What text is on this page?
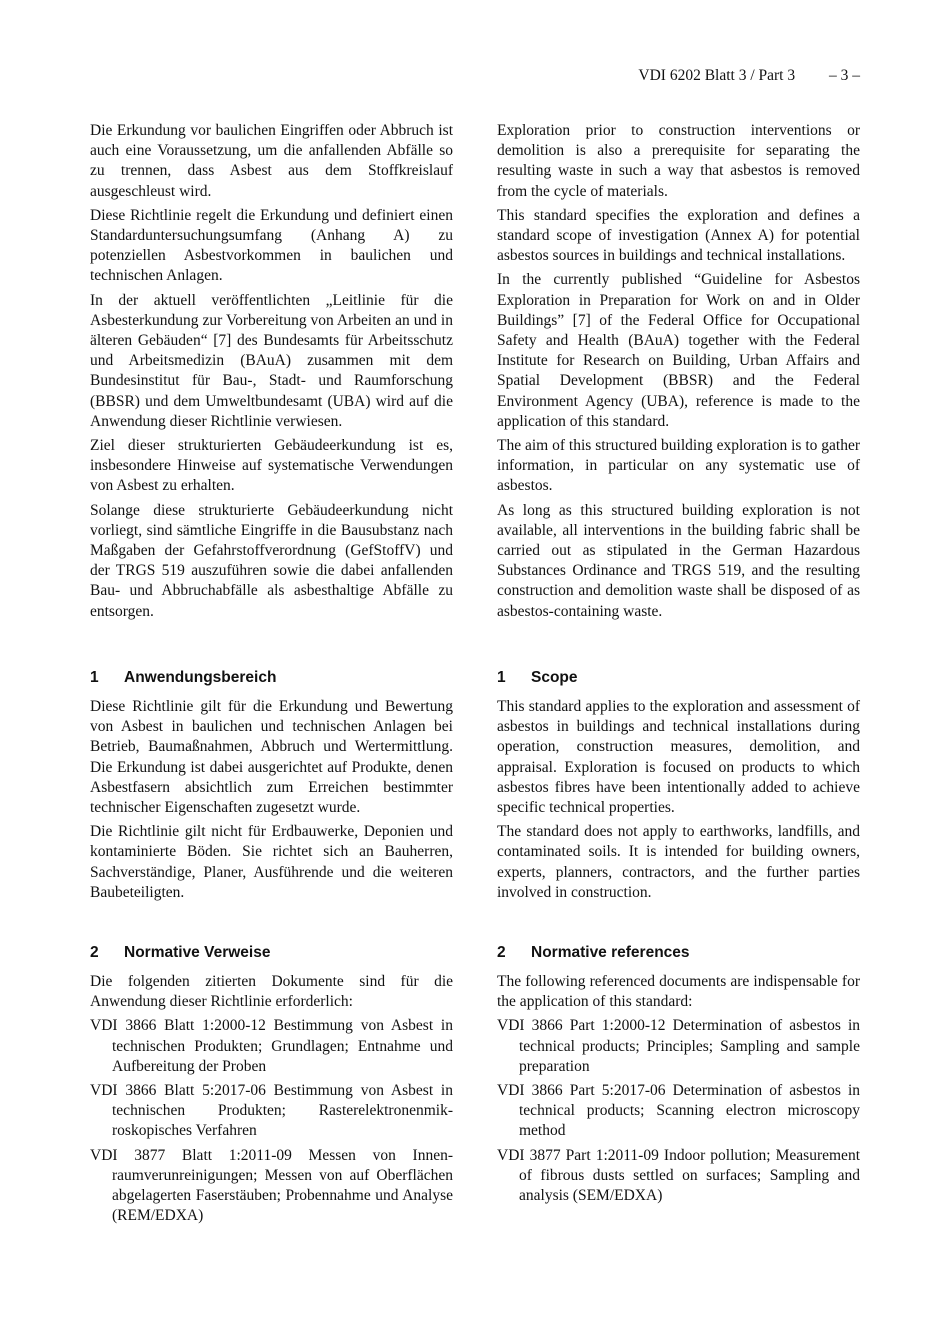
VDI 6202 Blatt 3 / Part 3 – 3 –

Die Erkundung vor baulichen Eingriffen oder Abbruch ist auch eine Voraussetzung, um die anfallenden Abfälle so zu trennen, dass Asbest aus dem Stoffkreislauf ausgeschleust wird.

Diese Richtlinie regelt die Erkundung und definiert einen Standarduntersuchungsumfang (Anhang A) zu potenziellen Asbestvorkommen in baulichen und technischen Anlagen.

In der aktuell veröffentlichten „Leitlinie für die Asbesterkundung zur Vorbereitung von Arbeiten an und in älteren Gebäuden“ [7] des Bundesamts für Arbeitsschutz und Arbeitsmedizin (BAuA) zusammen mit dem Bundesinstitut für Bau-, Stadt- und Raumforschung (BBSR) und dem Umweltbundesamt (UBA) wird auf die Anwendung dieser Richtlinie verwiesen.

Ziel dieser strukturierten Gebäudeerkundung ist es, insbesondere Hinweise auf systematische Verwendungen von Asbest zu erhalten.

Solange diese strukturierte Gebäudeerkundung nicht vorliegt, sind sämtliche Eingriffe in die Bausubstanz nach Maßgaben der Gefahrstoffverordnung (GefStoffV) und der TRGS 519 auszuführen sowie die dabei anfallenden Bau- und Abbruchabfälle als asbesthaltige Abfälle zu entsorgen.

1 Anwendungsbereich

Diese Richtlinie gilt für die Erkundung und Bewertung von Asbest in baulichen und technischen Anlagen bei Betrieb, Baumaßnahmen, Abbruch und Wertermittlung. Die Erkundung ist dabei ausgerichtet auf Produkte, denen Asbestfasern absichtlich zum Erreichen bestimmter technischer Eigenschaften zugesetzt wurde.

Die Richtlinie gilt nicht für Erdbauwerke, Deponien und kontaminierte Böden. Sie richtet sich an Bauherren, Sachverständige, Planer, Ausführende und die weiteren Baubeteiligten.

2 Normative Verweise

Die folgenden zitierten Dokumente sind für die Anwendung dieser Richtlinie erforderlich:

VDI 3866 Blatt 1:2000-12 Bestimmung von Asbest in technischen Produkten; Grundlagen; Entnahme und Aufbereitung der Proben

VDI 3866 Blatt 5:2017-06 Bestimmung von Asbest in technischen Produkten; Rasterelektronenmikroskopisches Verfahren

VDI 3877 Blatt 1:2011-09 Messen von Innenraumverunreinigungen; Messen von auf Oberflächen abgelagerten Faserstäuben; Probennahme und Analyse (REM/EDXA)

Exploration prior to construction interventions or demolition is also a prerequisite for separating the resulting waste in such a way that asbestos is removed from the cycle of materials.

This standard specifies the exploration and defines a standard scope of investigation (Annex A) for potential asbestos sources in buildings and technical installations.

In the currently published “Guideline for Asbestos Exploration in Preparation for Work on and in Older Buildings” [7] of the Federal Office for Occupational Safety and Health (BAuA) together with the Federal Institute for Research on Building, Urban Affairs and Spatial Development (BBSR) and the Federal Environment Agency (UBA), reference is made to the application of this standard.

The aim of this structured building exploration is to gather information, in particular on any systematic use of asbestos.

As long as this structured building exploration is not available, all interventions in the building fabric shall be carried out as stipulated in the German Hazardous Substances Ordinance and TRGS 519, and the resulting construction and demolition waste shall be disposed of as asbestos-containing waste.

1 Scope

This standard applies to the exploration and assessment of asbestos in buildings and technical installations during operation, construction measures, demolition, and appraisal. Exploration is focused on products to which asbestos fibres have been intentionally added to achieve specific technical properties.

The standard does not apply to earthworks, landfills, and contaminated soils. It is intended for building owners, experts, planners, contractors, and the further parties involved in construction.

2 Normative references

The following referenced documents are indispensable for the application of this standard:

VDI 3866 Part 1:2000-12 Determination of asbestos in technical products; Principles; Sampling and sample preparation

VDI 3866 Part 5:2017-06 Determination of asbestos in technical products; Scanning electron microscopy method

VDI 3877 Part 1:2011-09 Indoor pollution; Measurement of fibrous dusts settled on surfaces; Sampling and analysis (SEM/EDXA)
